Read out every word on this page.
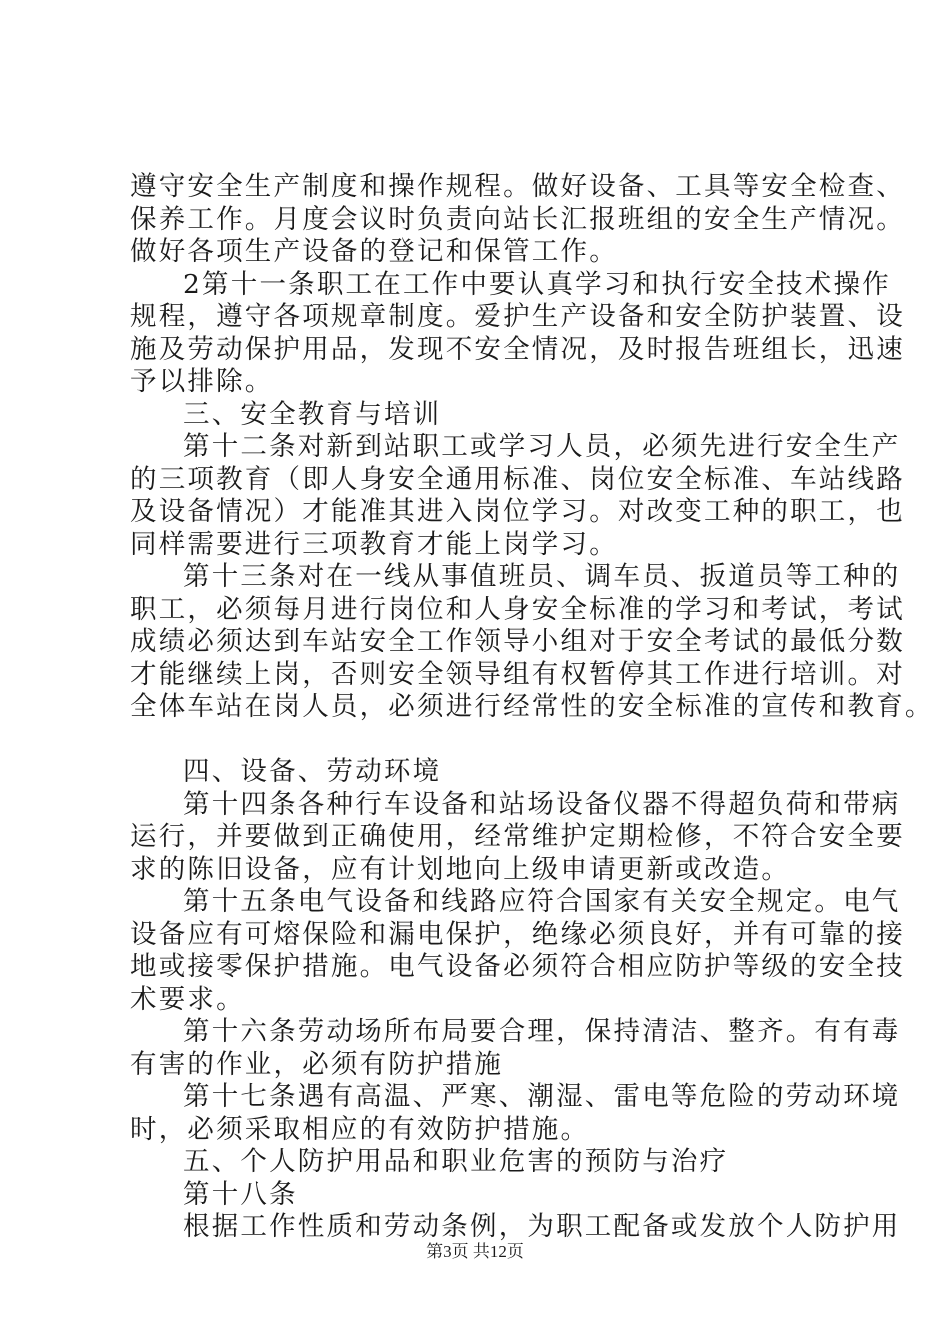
遵守安全生产制度和操作规程。做好设备、工具等安全检查、
保养工作。月度会议时负责向站长汇报班组的安全生产情况。
做好各项生产设备的登记和保管工作。
2第十一条职工在工作中要认真学习和执行安全技术操作
规程，遵守各项规章制度。爱护生产设备和安全防护装置、设
施及劳动保护用品，发现不安全情况，及时报告班组长，迅速
予以排除。
三、安全教育与培训
第十二条对新到站职工或学习人员，必须先进行安全生产
的三项教育（即人身安全通用标准、岗位安全标准、车站线路
及设备情况）才能准其进入岗位学习。对改变工种的职工，也
同样需要进行三项教育才能上岗学习。
第十三条对在一线从事值班员、调车员、扳道员等工种的
职工，必须每月进行岗位和人身安全标准的学习和考试，考试
成绩必须达到车站安全工作领导小组对于安全考试的最低分数
才能继续上岗，否则安全领导组有权暂停其工作进行培训。对
全体车站在岗人员，必须进行经常性的安全标准的宣传和教育。
四、设备、劳动环境
第十四条各种行车设备和站场设备仪器不得超负荷和带病
运行，并要做到正确使用，经常维护定期检修，不符合安全要
求的陈旧设备，应有计划地向上级申请更新或改造。
第十五条电气设备和线路应符合国家有关安全规定。电气
设备应有可熔保险和漏电保护，绝缘必须良好，并有可靠的接
地或接零保护措施。电气设备必须符合相应防护等级的安全技
术要求。
第十六条劳动场所布局要合理，保持清洁、整齐。有有毒
有害的作业，必须有防护措施
第十七条遇有高温、严寒、潮湿、雷电等危险的劳动环境
时，必须采取相应的有效防护措施。
五、个人防护用品和职业危害的预防与治疗
第十八条
根据工作性质和劳动条例，为职工配备或发放个人防护用
第3页 共12页
